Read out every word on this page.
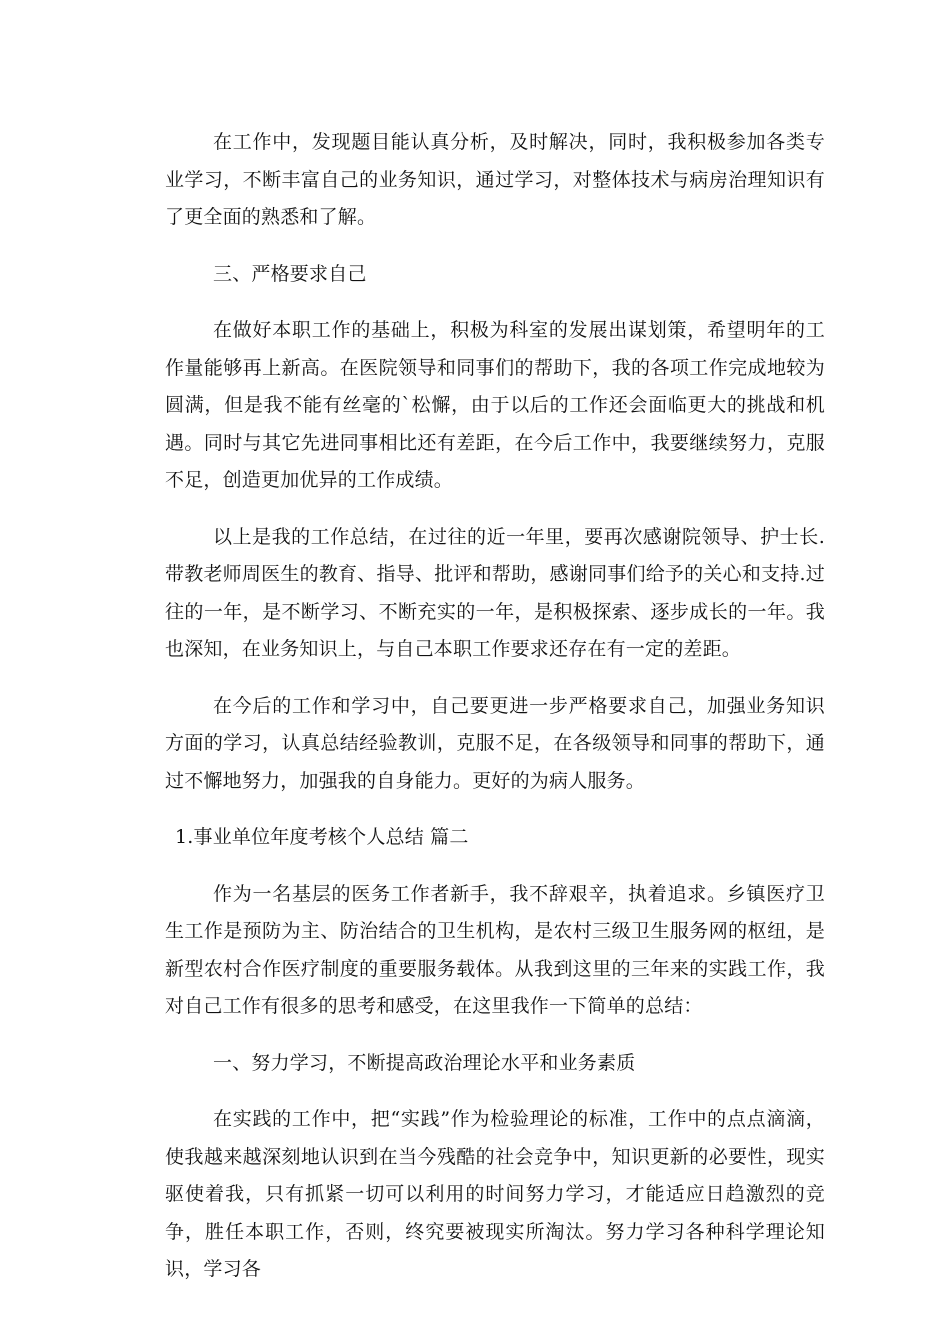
在工作中，发现题目能认真分析，及时解决，同时，我积极参加各类专业学习，不断丰富自己的业务知识，通过学习，对整体技术与病房治理知识有了更全面的熟悉和了解。

三、严格要求自己

在做好本职工作的基础上，积极为科室的发展出谋划策，希望明年的工作量能够再上新高。在医院领导和同事们的帮助下，我的各项工作完成地较为圆满，但是我不能有丝毫的`松懈，由于以后的工作还会面临更大的挑战和机遇。同时与其它先进同事相比还有差距，在今后工作中，我要继续努力，克服不足，创造更加优异的工作成绩。

以上是我的工作总结，在过往的近一年里，要再次感谢院领导、护士长.带教老师周医生的教育、指导、批评和帮助，感谢同事们给予的关心和支持.过往的一年，是不断学习、不断充实的一年，是积极探索、逐步成长的一年。我也深知，在业务知识上，与自己本职工作要求还存在有一定的差距。

在今后的工作和学习中，自己要更进一步严格要求自己，加强业务知识方面的学习，认真总结经验教训，克服不足，在各级领导和同事的帮助下，通过不懈地努力，加强我的自身能力。更好的为病人服务。

1.事业单位年度考核个人总结 篇二

作为一名基层的医务工作者新手，我不辞艰辛，执着追求。乡镇医疗卫生工作是预防为主、防治结合的卫生机构，是农村三级卫生服务网的枢纽，是新型农村合作医疗制度的重要服务载体。从我到这里的三年来的实践工作，我对自己工作有很多的思考和感受，在这里我作一下简单的总结：

一、努力学习，不断提高政治理论水平和业务素质

在实践的工作中，把“实践”作为检验理论的标准，工作中的点点滴滴，使我越来越深刻地认识到在当今残酷的社会竞争中，知识更新的必要性，现实驱使着我，只有抓紧一切可以利用的时间努力学习，才能适应日趋激烈的竞争，胜任本职工作，否则，终究要被现实所淘汰。努力学习各种科学理论知识，学习各
